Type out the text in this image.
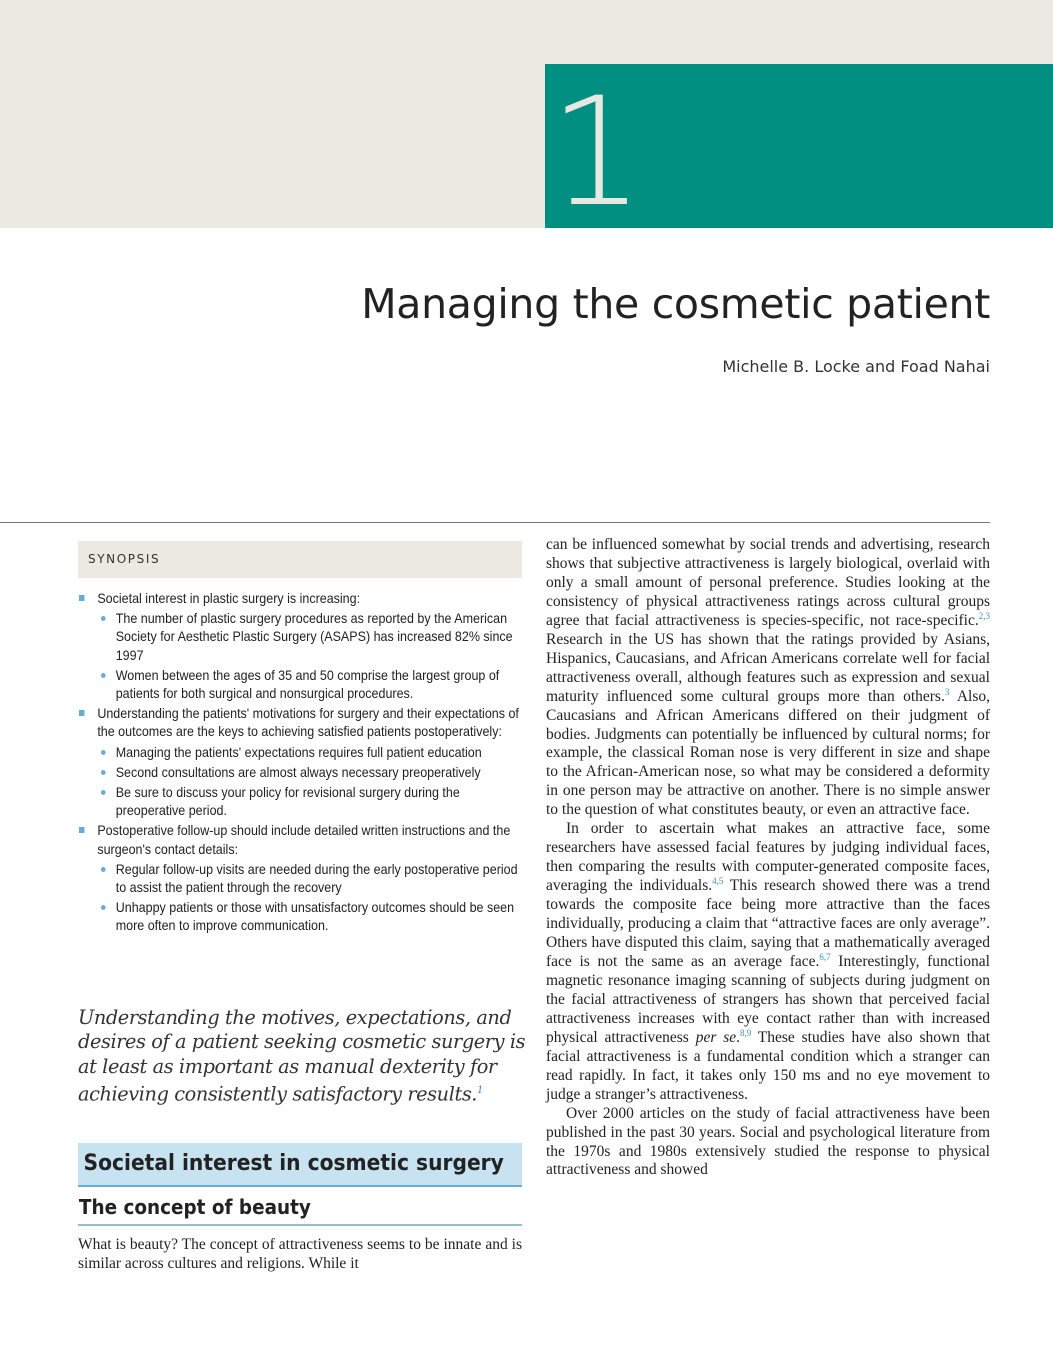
1
Managing the cosmetic patient
Michelle B. Locke and Foad Nahai
SYNOPSIS
Societal interest in plastic surgery is increasing:
The number of plastic surgery procedures as reported by the American Society for Aesthetic Plastic Surgery (ASAPS) has increased 82% since 1997
Women between the ages of 35 and 50 comprise the largest group of patients for both surgical and nonsurgical procedures.
Understanding the patients' motivations for surgery and their expectations of the outcomes are the keys to achieving satisfied patients postoperatively:
Managing the patients' expectations requires full patient education
Second consultations are almost always necessary preoperatively
Be sure to discuss your policy for revisional surgery during the preoperative period.
Postoperative follow-up should include detailed written instructions and the surgeon's contact details:
Regular follow-up visits are needed during the early postoperative period to assist the patient through the recovery
Unhappy patients or those with unsatisfactory outcomes should be seen more often to improve communication.

Understanding the motives, expectations, and desires of a patient seeking cosmetic surgery is at least as important as manual dexterity for achieving consistently satisfactory results.$^1$

Societal interest in cosmetic surgery
The concept of beauty

What is beauty? The concept of attractiveness seems to be innate and is similar across cultures and religions. While it

can be influenced somewhat by social trends and advertising, research shows that subjective attractiveness is largely biological, overlaid with only a small amount of personal preference. Studies looking at the consistency of physical attractiveness ratings across cultural groups agree that facial attractiveness is species-specific, not race-specific.$^{2,3}$ Research in the US has shown that the ratings provided by Asians, Hispanics, Caucasians, and African Americans correlate well for facial attractiveness overall, although features such as expression and sexual maturity influenced some cultural groups more than others.$^3$ Also, Caucasians and African Americans differed on their judgment of bodies. Judgments can potentially be influenced by cultural norms; for example, the classical Roman nose is very different in size and shape to the African-American nose, so what may be considered a deformity in one person may be attractive on another. There is no simple answer to the question of what constitutes beauty, or even an attractive face.

In order to ascertain what makes an attractive face, some researchers have assessed facial features by judging individual faces, then comparing the results with computer-generated composite faces, averaging the individuals.$^{4,5}$ This research showed there was a trend towards the composite face being more attractive than the faces individually, producing a claim that “attractive faces are only average”. Others have disputed this claim, saying that a mathematically averaged face is not the same as an average face.$^{6,7}$ Interestingly, functional magnetic resonance imaging scanning of subjects during judgment on the facial attractiveness of strangers has shown that perceived facial attractiveness increases with eye contact rather than with increased physical attractiveness per se.$^{8,9}$ These studies have also shown that facial attractiveness is a fundamental condition which a stranger can read rapidly. In fact, it takes only 150 ms and no eye movement to judge a stranger’s attractiveness.

Over 2000 articles on the study of facial attractiveness have been published in the past 30 years. Social and psychological literature from the 1970s and 1980s extensively studied the response to physical attractiveness and showed
